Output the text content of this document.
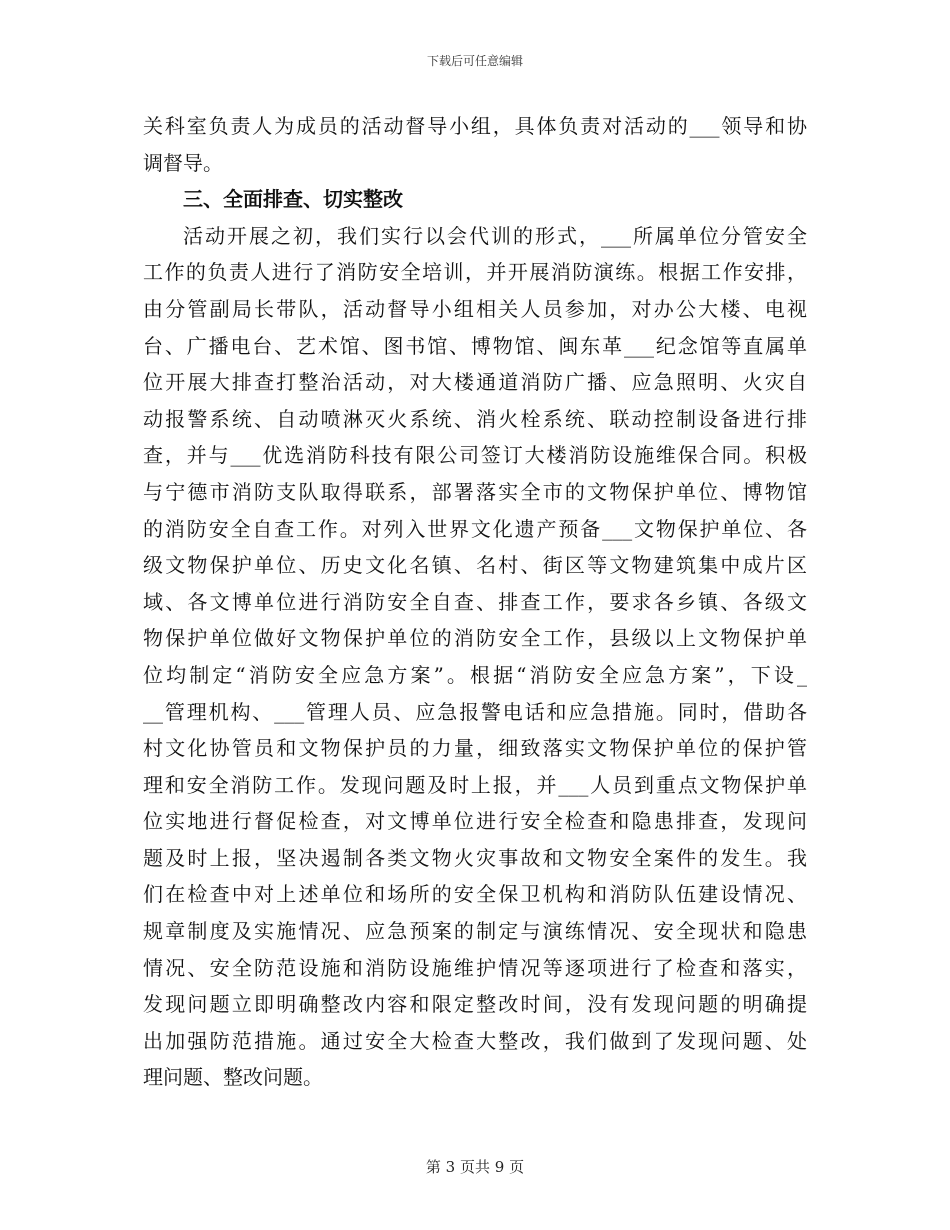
下载后可任意编辑
关科室负责人为成员的活动督导小组，具体负责对活动的___领导和协
调督导。
三、全面排查、切实整改
活动开展之初，我们实行以会代训的形式，___所属单位分管安全
工作的负责人进行了消防安全培训，并开展消防演练。根据工作安排，
由分管副局长带队，活动督导小组相关人员参加，对办公大楼、电视
台、广播电台、艺术馆、图书馆、博物馆、闽东革___纪念馆等直属单
位开展大排查打整治活动，对大楼通道消防广播、应急照明、火灾自
动报警系统、自动喷淋灭火系统、消火栓系统、联动控制设备进行排
查，并与___优选消防科技有限公司签订大楼消防设施维保合同。积极
与宁德市消防支队取得联系，部署落实全市的文物保护单位、博物馆
的消防安全自查工作。对列入世界文化遗产预备___文物保护单位、各
级文物保护单位、历史文化名镇、名村、街区等文物建筑集中成片区
域、各文博单位进行消防安全自查、排查工作，要求各乡镇、各级文
物保护单位做好文物保护单位的消防安全工作，县级以上文物保护单
位均制定“消防安全应急方案”。根据“消防安全应急方案”，下设_
__管理机构、___管理人员、应急报警电话和应急措施。同时，借助各
村文化协管员和文物保护员的力量，细致落实文物保护单位的保护管
理和安全消防工作。发现问题及时上报，并___人员到重点文物保护单
位实地进行督促检查，对文博单位进行安全检查和隐患排查，发现问
题及时上报，坚决遏制各类文物火灾事故和文物安全案件的发生。我
们在检查中对上述单位和场所的安全保卫机构和消防队伍建设情况、
规章制度及实施情况、应急预案的制定与演练情况、安全现状和隐患
情况、安全防范设施和消防设施维护情况等逐项进行了检查和落实，
发现问题立即明确整改内容和限定整改时间，没有发现问题的明确提
出加强防范措施。通过安全大检查大整改，我们做到了发现问题、处
理问题、整改问题。
第 3 页共 9 页
